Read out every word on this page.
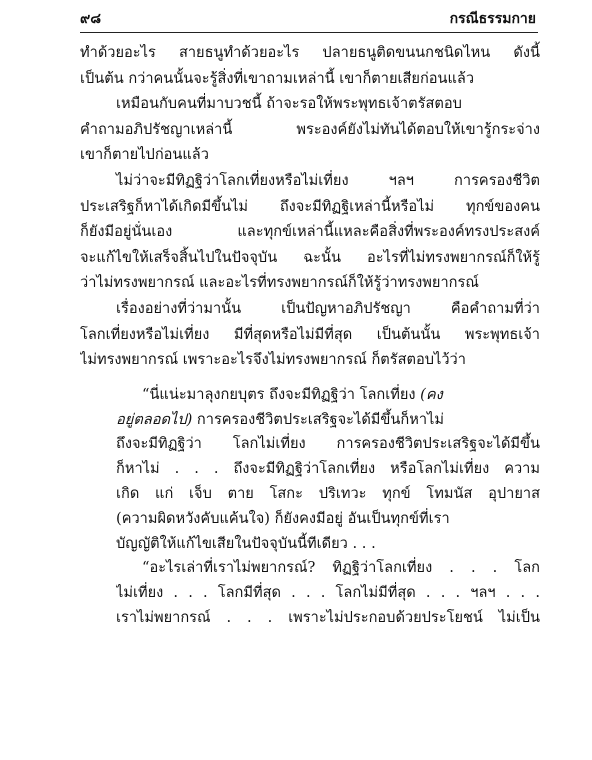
๙๘	กรณีธรรมกาย
ทำด้วยอะไร สายธนูทำด้วยอะไร ปลายธนูติดขนนกชนิดไหน ดังนี้
เป็นต้น กว่าคนนั้นจะรู้สิ่งที่เขาถามเหล่านี้ เขาก็ตายเสียก่อนแล้ว
เหมือนกับคนที่มาบวชนี้ ถ้าจะรอให้พระพุทธเจ้าตรัสตอบ
คำถามอภิปรัชญาเหล่านี้ พระองค์ยังไม่ทันได้ตอบให้เขารู้กระจ่าง
เขาก็ตายไปก่อนแล้ว
ไม่ว่าจะมีทิฏฐิว่าโลกเที่ยงหรือไม่เที่ยง ฯลฯ การครองชีวิต
ประเสริฐก็หาได้เกิดมีขึ้นไม่ ถึงจะมีทิฏฐิเหล่านี้หรือไม่ ทุกข์ของคน
ก็ยังมีอยู่นั่นเอง และทุกข์เหล่านี้แหละคือสิ่งที่พระองค์ทรงประสงค์
จะแก้ไขให้เสร็จสิ้นไปในปัจจุบัน ฉะนั้น อะไรที่ไม่ทรงพยากรณ์ก็ให้รู้
ว่าไม่ทรงพยากรณ์ และอะไรที่ทรงพยากรณ์ก็ให้รู้ว่าทรงพยากรณ์
เรื่องอย่างที่ว่ามานั้น เป็นปัญหาอภิปรัชญา คือคำถามที่ว่า
โลกเที่ยงหรือไม่เที่ยง มีที่สุดหรือไม่มีที่สุด เป็นต้นนั้น พระพุทธเจ้า
ไม่ทรงพยากรณ์ เพราะอะไรจึงไม่ทรงพยากรณ์ ก็ตรัสตอบไว้ว่า
“นี่แน่ะมาลุงกยบุตร ถึงจะมีทิฏฐิว่า โลกเที่ยง (คง
อยู่ตลอดไป) การครองชีวิตประเสริฐจะได้มีขึ้นก็หาไม่
ถึงจะมีทิฏฐิว่า โลกไม่เที่ยง การครองชีวิตประเสริฐจะได้มีขึ้น
ก็หาไม่ . . . ถึงจะมีทิฏฐิว่าโลกเที่ยง หรือโลกไม่เที่ยง ความ
เกิด แก่ เจ็บ ตาย โสกะ ปริเทวะ ทุกข์ โทมนัส อุปายาส
(ความผิดหวังคับแค้นใจ) ก็ยังคงมีอยู่ อันเป็นทุกข์ที่เรา
บัญญัติให้แก้ไขเสียในปัจจุบันนี้ทีเดียว . . .
“อะไรเล่าที่เราไม่พยากรณ์? ทิฏฐิว่าโลกเที่ยง . . . โลก
ไม่เที่ยง . . . โลกมีที่สุด . . . โลกไม่มีที่สุด . . . ฯลฯ . . .
เราไม่พยากรณ์ . . . เพราะไม่ประกอบด้วยประโยชน์ ไม่เป็น
